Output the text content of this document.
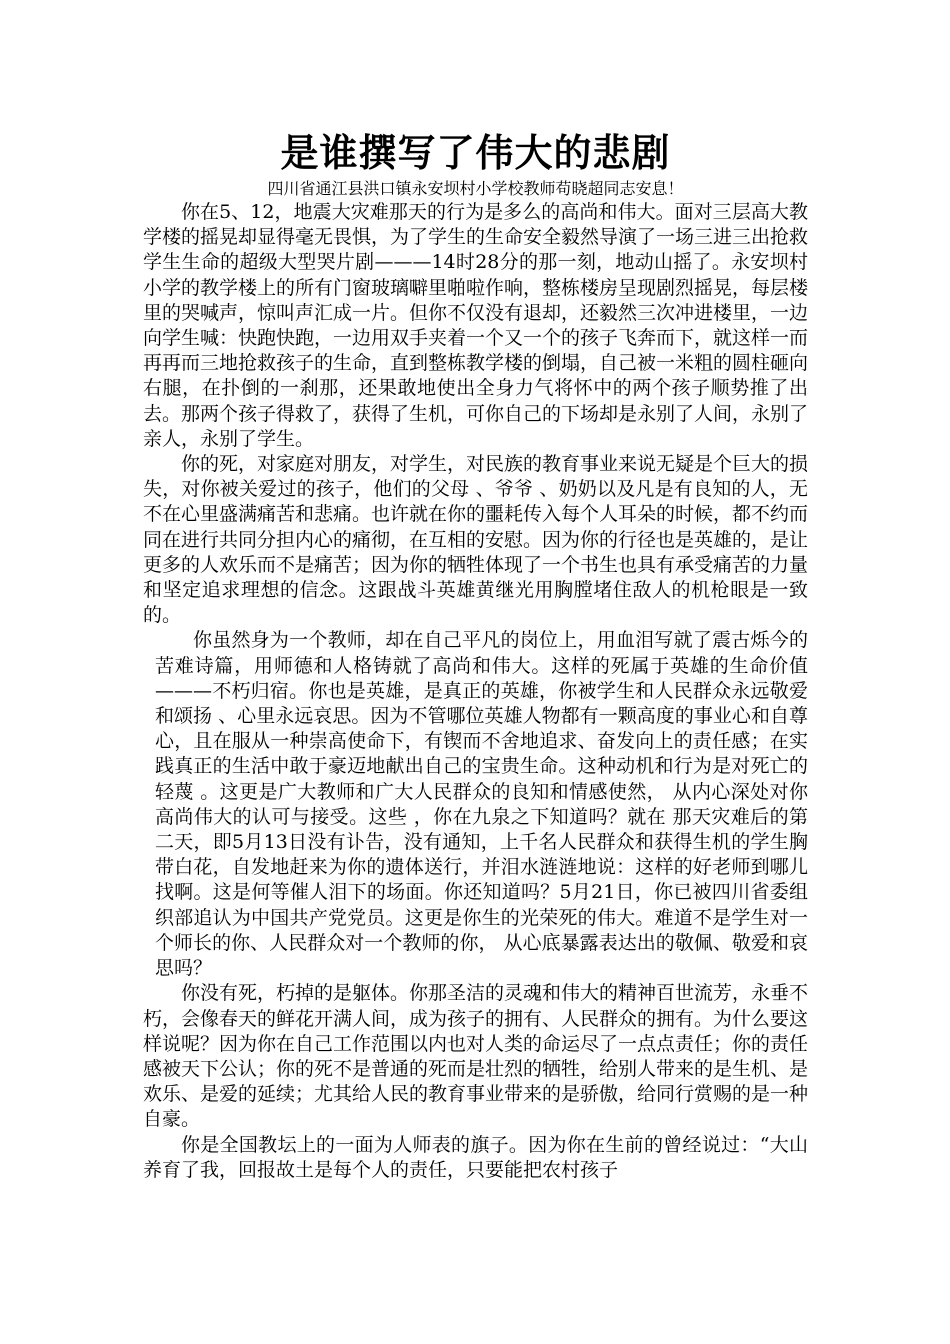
是谁撰写了伟大的悲剧

四川省通江县洪口镇永安坝村小学校教师苟晓超同志安息！

你在5、12，地震大灾难那天的行为是多么的高尚和伟大。面对三层高大教学楼的摇晃却显得毫无畏惧，为了学生的生命安全毅然导演了一场三进三出抢救学生生命的超级大型哭片剧———14时28分的那一刻，地动山摇了。永安坝村小学的教学楼上的所有门窗玻璃噼里啪啦作响，整栋楼房呈现剧烈摇晃，每层楼里的哭喊声，惊叫声汇成一片。但你不仅没有退却，还毅然三次冲进楼里，一边向学生喊：快跑快跑，一边用双手夹着一个又一个的孩子飞奔而下，就这样一而 再再而三地抢救孩子的生命，直到整栋教学楼的倒塌，自己被一米粗的圆柱砸向右腿，在扑倒的一刹那，还果敢地使出全身力气将怀中的两个孩子顺势推了出去。那两个孩子得救了，获得了生机，可你自己的下场却是永别了人间，永别了亲人，永别了学生。

你的死，对家庭对朋友，对学生，对民族的教育事业来说无疑是个巨大的损失，对你被关爱过的孩子，他们的父母 、爷爷 、奶奶以及凡是有良知的人，无不在心里盛满痛苦和悲痛。也许就在你的噩耗传入每个人耳朵的时候，都不约而同在进行共同分担内心的痛彻，在互相的安慰。因为你的行径也是英雄的，是让更多的人欢乐而不是痛苦；因为你的牺牲体现了一个书生也具有承受痛苦的力量和坚定追求理想的信念。这跟战斗英雄黄继光用胸膛堵住敌人的机枪眼是一致的。

你虽然身为一个教师，却在自己平凡的岗位上，用血泪写就了震古烁今的苦难诗篇，用师德和人格铸就了高尚和伟大。这样的死属于英雄的生命价值———不朽归宿。你也是英雄，是真正的英雄，你被学生和人民群众永远敬爱和颂扬 、心里永远哀思。因为不管哪位英雄人物都有一颗高度的事业心和自尊心，且在服从一种崇高使命下，有锲而不舍地追求、奋发向上的责任感；在实践真正的生活中敢于豪迈地献出自己的宝贵生命。这种动机和行为是对死亡的轻蔑 。这更是广大教师和广大人民群众的良知和情感使然， 从内心深处对你高尚伟大的认可与接受。这些 ，你在九泉之下知道吗？就在 那天灾难后的第二天，即5月13日没有讣告，没有通知，上千名人民群众和获得生机的学生胸带白花，自发地赶来为你的遗体送行，并泪水涟涟地说：这样的好老师到哪儿找啊。这是何等催人泪下的场面。你还知道吗？5月21日，你已被四川省委组织部追认为中国共产党党员。这更是你生的光荣死的伟大。难道不是学生对一个师长的你、人民群众对一个教师的你， 从心底暴露表达出的敬佩、敬爱和哀思吗？

你没有死，朽掉的是躯体。你那圣洁的灵魂和伟大的精神百世流芳，永垂不朽，会像春天的鲜花开满人间，成为孩子的拥有、人民群众的拥有。为什么要这样说呢？因为你在自己工作范围以内也对人类的命运尽了一点点责任；你的责任感被天下公认；你的死不是普通的死而是壮烈的牺牲，给别人带来的是生机、是欢乐、是爱的延续；尤其给人民的教育事业带来的是骄傲，给同行赏赐的是一种自豪。

你是全国教坛上的一面为人师表的旗子。因为你在生前的曾经说过：“大山养育了我，回报故土是每个人的责任，只要能把农村孩子
